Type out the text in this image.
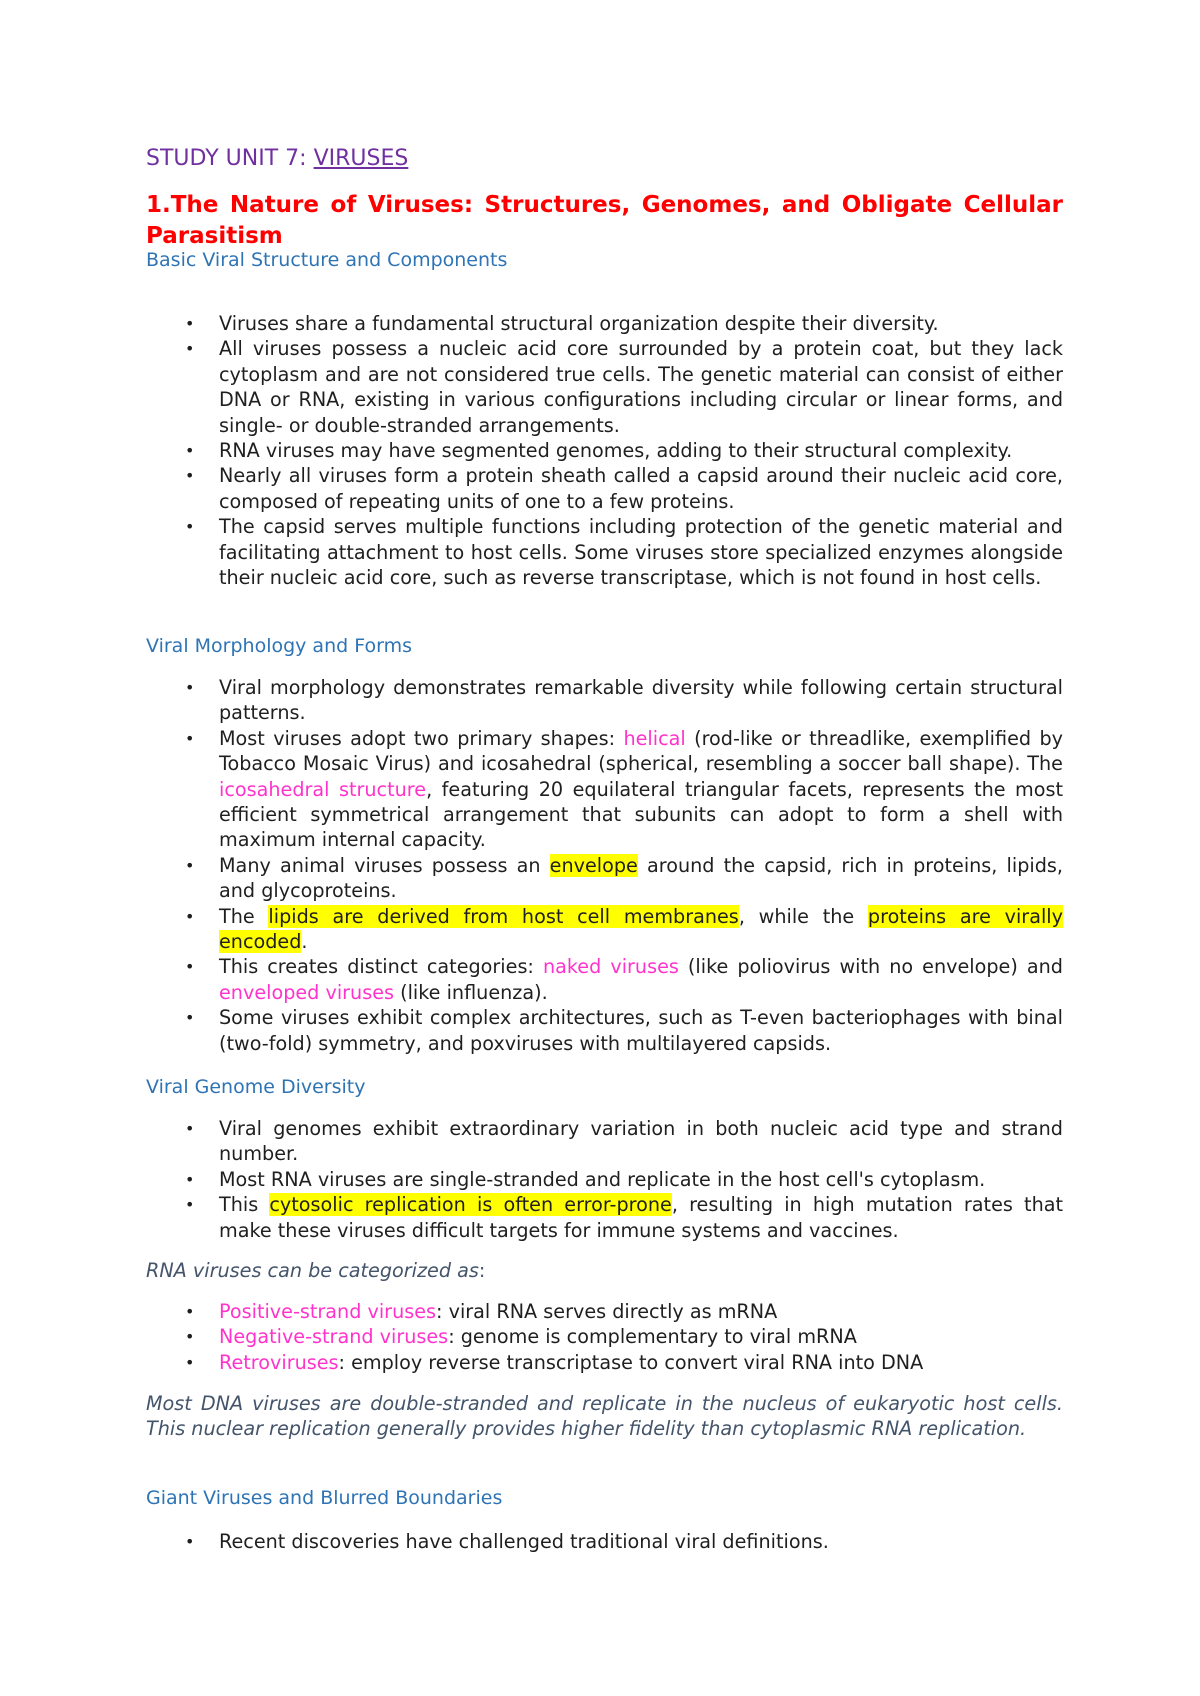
STUDY UNIT 7: VIRUSES
1.The Nature of Viruses: Structures, Genomes, and Obligate Cellular Parasitism
Basic Viral Structure and Components
• Viruses share a fundamental structural organization despite their diversity.
• All viruses possess a nucleic acid core surrounded by a protein coat, but they lack cytoplasm and are not considered true cells. The genetic material can consist of either DNA or RNA, existing in various configurations including circular or linear forms, and single- or double-stranded arrangements.
• RNA viruses may have segmented genomes, adding to their structural complexity.
• Nearly all viruses form a protein sheath called a capsid around their nucleic acid core, composed of repeating units of one to a few proteins.
• The capsid serves multiple functions including protection of the genetic material and facilitating attachment to host cells. Some viruses store specialized enzymes alongside their nucleic acid core, such as reverse transcriptase, which is not found in host cells.
Viral Morphology and Forms
• Viral morphology demonstrates remarkable diversity while following certain structural patterns.
• Most viruses adopt two primary shapes: helical (rod-like or threadlike, exemplified by Tobacco Mosaic Virus) and icosahedral (spherical, resembling a soccer ball shape). The icosahedral structure, featuring 20 equilateral triangular facets, represents the most efficient symmetrical arrangement that subunits can adopt to form a shell with maximum internal capacity.
• Many animal viruses possess an envelope around the capsid, rich in proteins, lipids, and glycoproteins.
• The lipids are derived from host cell membranes, while the proteins are virally encoded.
• This creates distinct categories: naked viruses (like poliovirus with no envelope) and enveloped viruses (like influenza).
• Some viruses exhibit complex architectures, such as T-even bacteriophages with binal (two-fold) symmetry, and poxviruses with multilayered capsids.
Viral Genome Diversity
• Viral genomes exhibit extraordinary variation in both nucleic acid type and strand number.
• Most RNA viruses are single-stranded and replicate in the host cell's cytoplasm.
• This cytosolic replication is often error-prone, resulting in high mutation rates that make these viruses difficult targets for immune systems and vaccines.

RNA viruses can be categorized as:

• Positive-strand viruses: viral RNA serves directly as mRNA
• Negative-strand viruses: genome is complementary to viral mRNA
• Retroviruses: employ reverse transcriptase to convert viral RNA into DNA

Most DNA viruses are double-stranded and replicate in the nucleus of eukaryotic host cells. This nuclear replication generally provides higher fidelity than cytoplasmic RNA replication.

Giant Viruses and Blurred Boundaries
• Recent discoveries have challenged traditional viral definitions.
